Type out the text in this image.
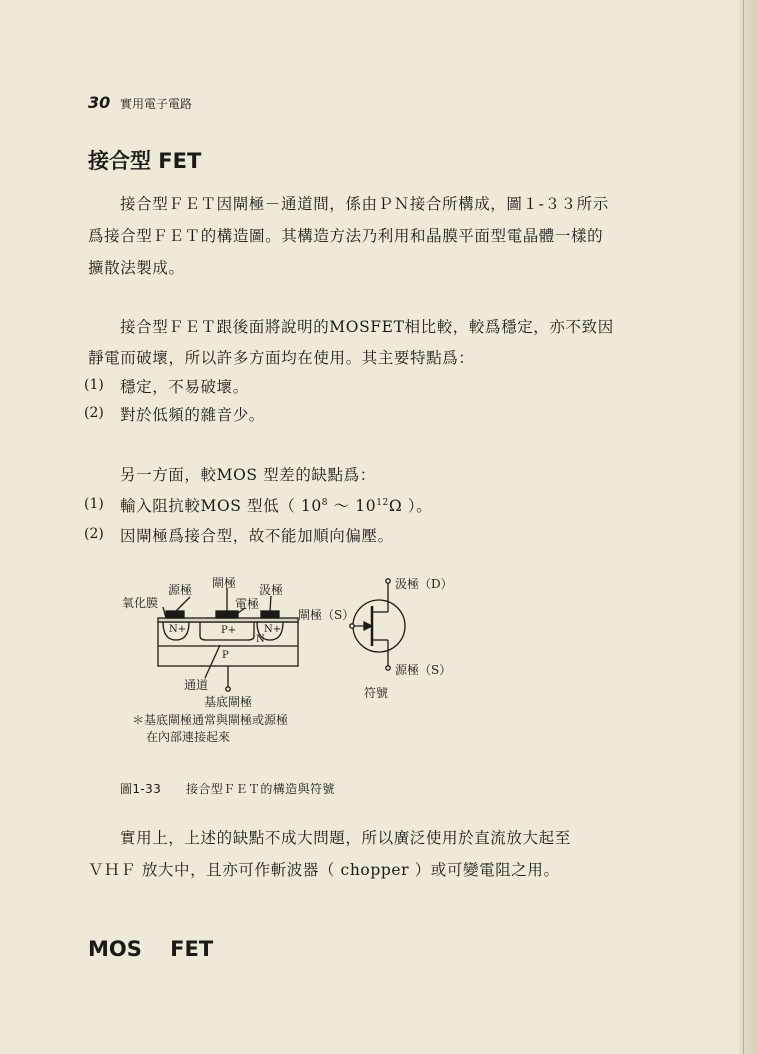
30 實用電子電路
接合型 FET
接合型ＦＥＴ因閘極－通道間，係由ＰＮ接合所構成，圖１-３３所示
爲接合型ＦＥＴ的構造圖。其構造方法乃利用和晶膜平面型電晶體一樣的
擴散法製成。
接合型ＦＥＴ跟後面將說明的MOSFET相比較，較爲穩定，亦不致因
靜電而破壞，所以許多方面均在使用。其主要特點爲：
(1) 穩定，不易破壞。
(2) 對於低頻的雜音少。
另一方面，較MOS 型差的缺點爲：
(1) 輸入阻抗較MOS 型低（ $10^8$ ～ $10^{12}\Omega$ ）。
(2) 因閘極爲接合型，故不能加順向偏壓。
源極 閘極 汲極
氧化膜	電極
N+	P+	N+
N
P
通道
基底閘極
汲極（D）
閘極（S）
源極（S）
符號
＊基底閘極通常與閘極或源極
在內部連接起來
圖1-33 接合型ＦＥＴ的構造與符號
實用上，上述的缺點不成大問題，所以廣泛使用於直流放大起至
ＶＨＦ 放大中，且亦可作斬波器（ chopper ）或可變電阻之用。
MOS　 FET
